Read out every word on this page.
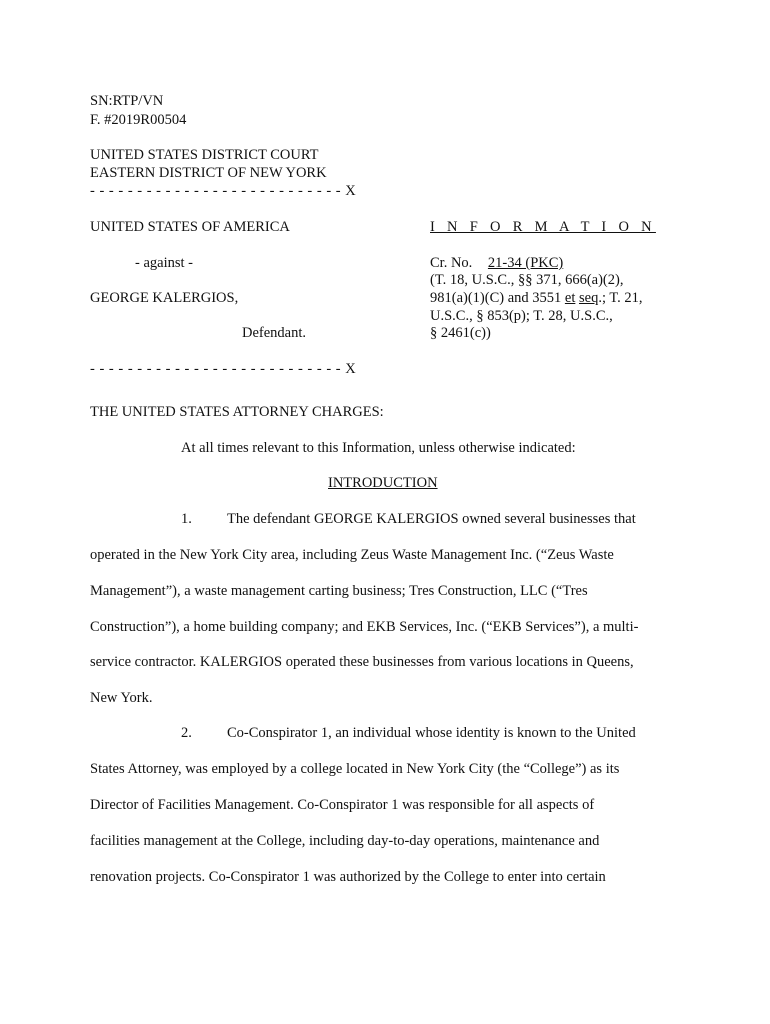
SN:RTP/VN
F. #2019R00504
UNITED STATES DISTRICT COURT
EASTERN DISTRICT OF NEW YORK
- - - - - - - - - - - - - - - - - - - - - - - - - - - X
UNITED STATES OF AMERICA
- against -
GEORGE KALERGIOS,
Defendant.
I N F O R M A T I O N
Cr. No. 21-34 (PKC)
(T. 18, U.S.C., §§ 371, 666(a)(2),
981(a)(1)(C) and 3551 et seq.; T. 21,
U.S.C., § 853(p); T. 28, U.S.C.,
§ 2461(c))
- - - - - - - - - - - - - - - - - - - - - - - - - - - X
THE UNITED STATES ATTORNEY CHARGES:
At all times relevant to this Information, unless otherwise indicated:
INTRODUCTION
1. The defendant GEORGE KALERGIOS owned several businesses that
operated in the New York City area, including Zeus Waste Management Inc. (“Zeus Waste
Management”), a waste management carting business; Tres Construction, LLC (“Tres
Construction”), a home building company; and EKB Services, Inc. (“EKB Services”), a multi-
service contractor. KALERGIOS operated these businesses from various locations in Queens,
New York.
2. Co-Conspirator 1, an individual whose identity is known to the United
States Attorney, was employed by a college located in New York City (the “College”) as its
Director of Facilities Management. Co-Conspirator 1 was responsible for all aspects of
facilities management at the College, including day-to-day operations, maintenance and
renovation projects. Co-Conspirator 1 was authorized by the College to enter into certain
